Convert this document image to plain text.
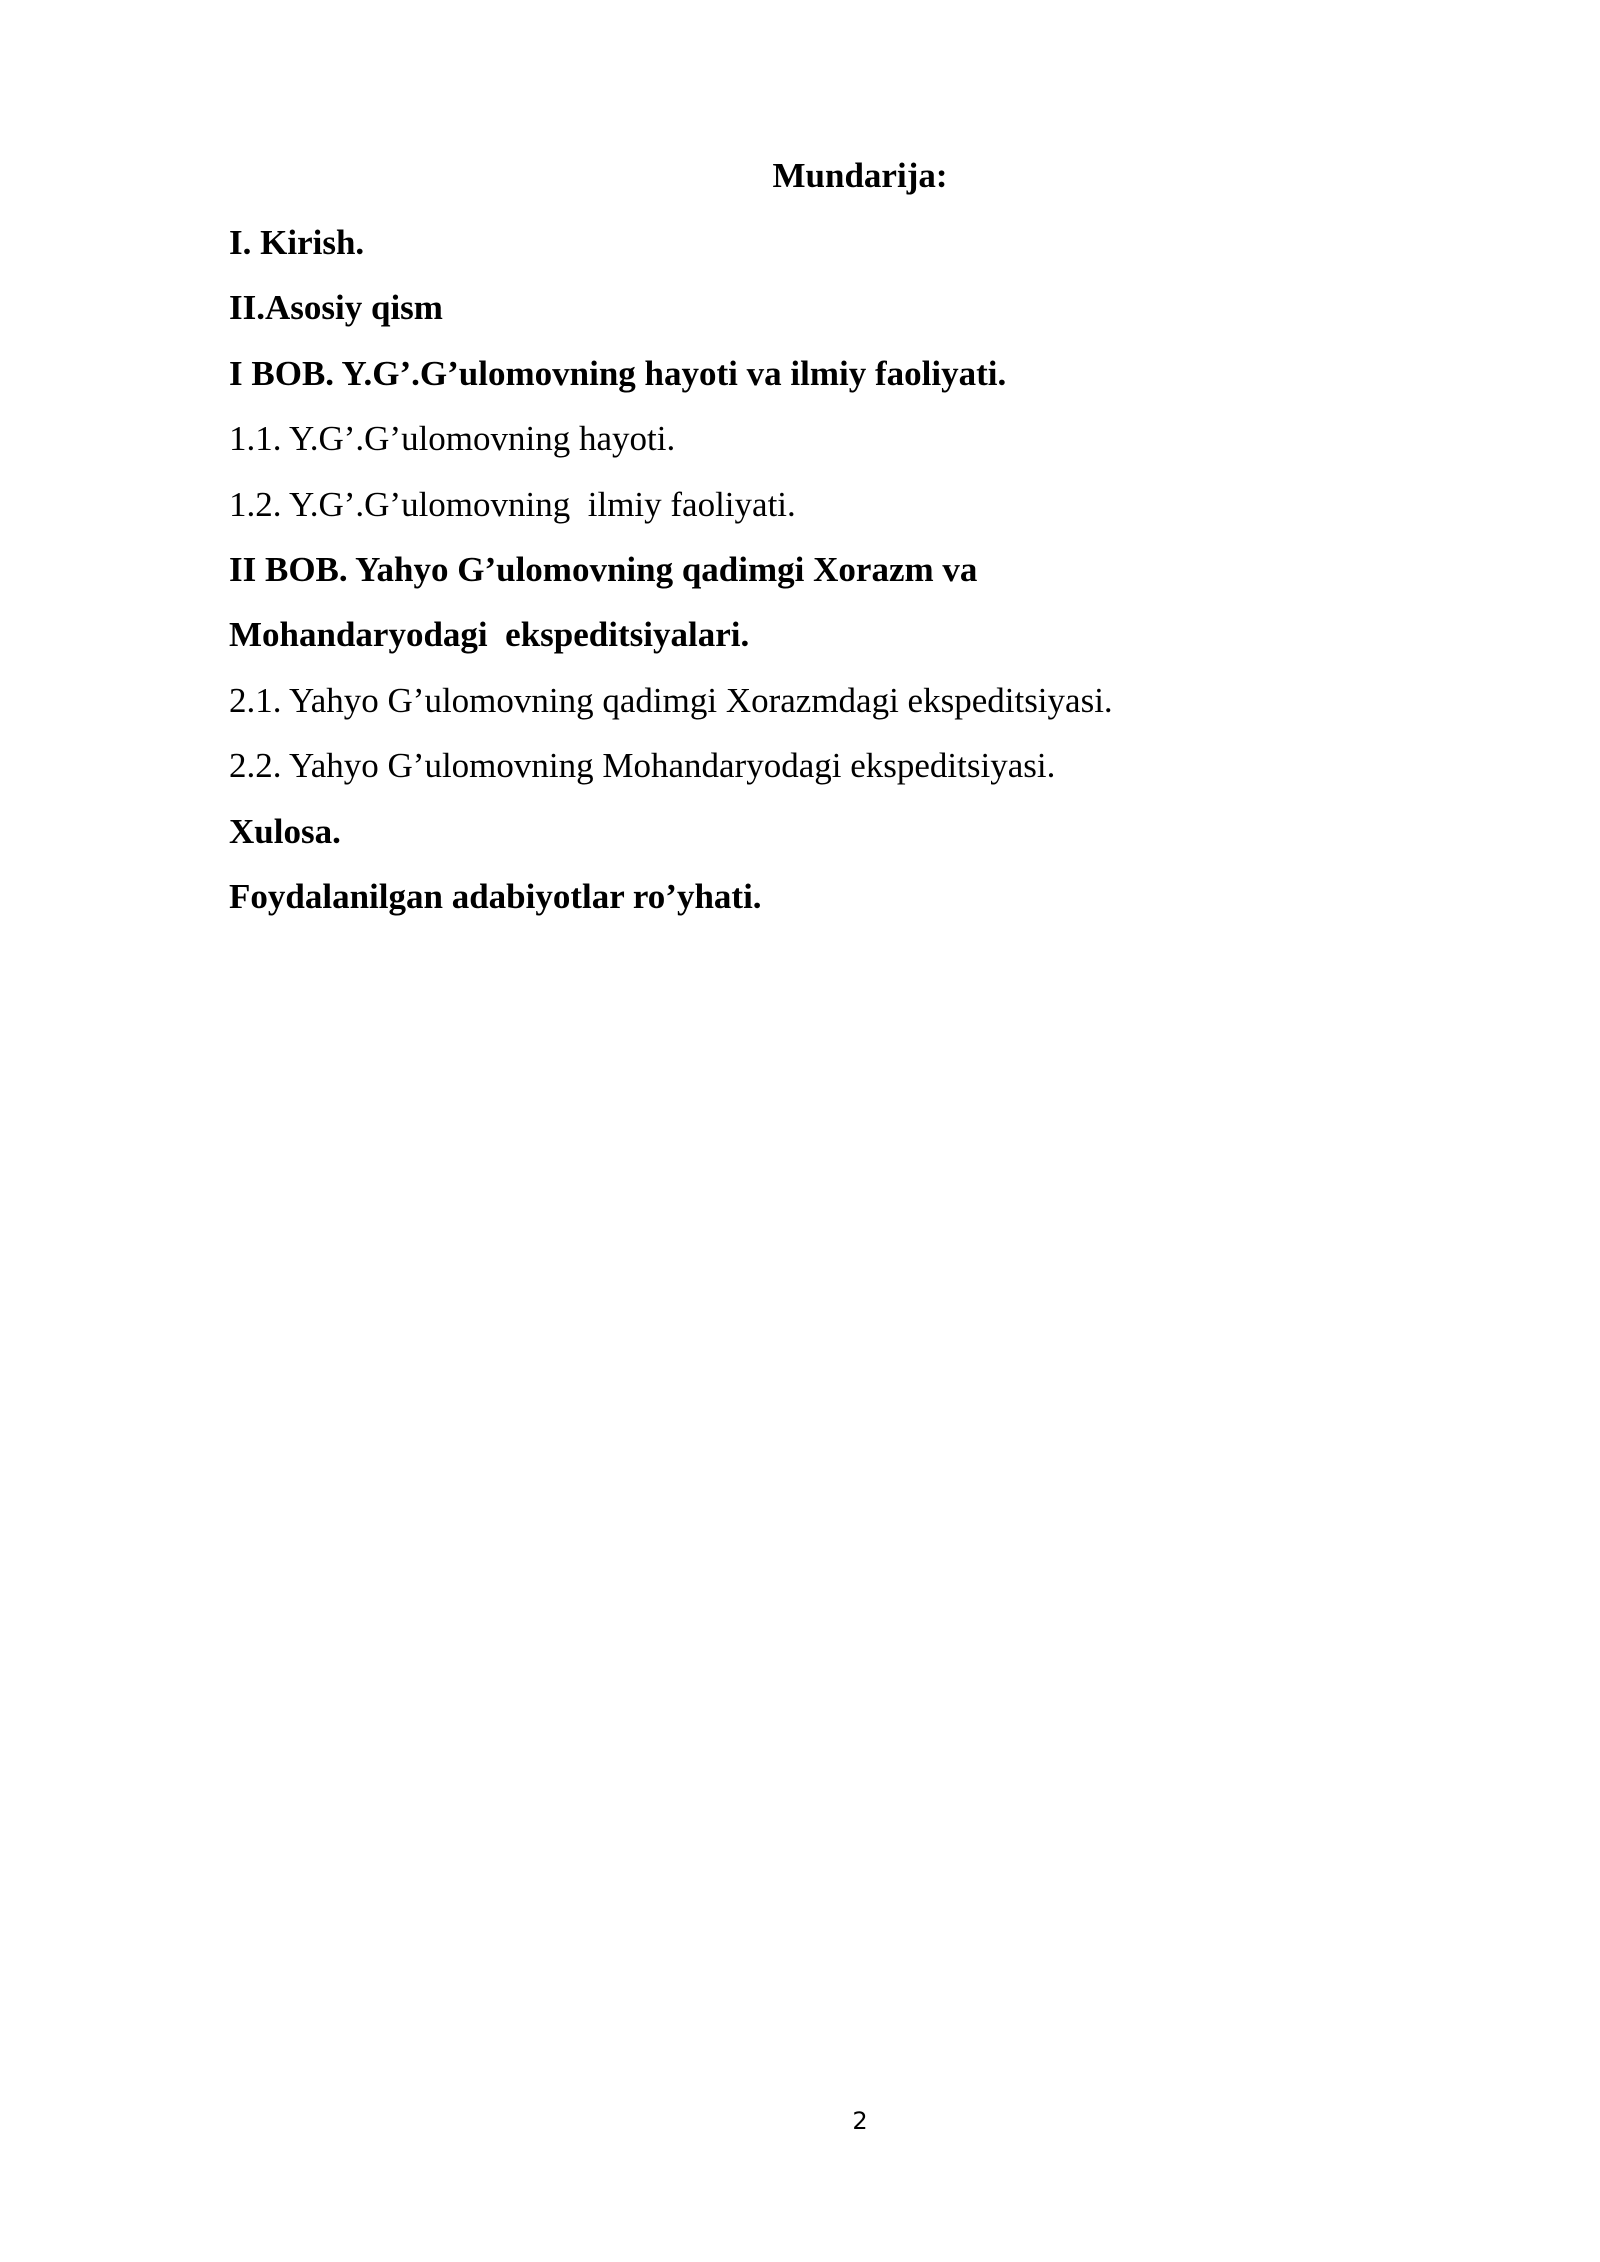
Mundarija:
I. Kirish.
II.Asosiy qism
I BOB. Y.G’.G’ulomovning hayoti va ilmiy faoliyati.
1.1. Y.G’.G’ulomovning hayoti.
1.2. Y.G’.G’ulomovning  ilmiy faoliyati.
II BOB. Yahyo G’ulomovning qadimgi Xorazm va
Mohandaryodagi  ekspeditsiyalari.
2.1. Yahyo G’ulomovning qadimgi Xorazmdagi ekspeditsiyasi.
2.2. Yahyo G’ulomovning Mohandaryodagi ekspeditsiyasi.
Xulosa.
Foydalanilgan adabiyotlar ro’yhati.
2
